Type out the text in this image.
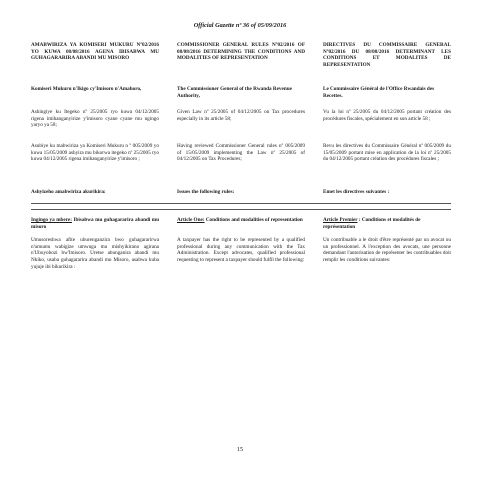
Official Gazette nº 36 of 05/09/2016

AMABWIRIZA YA KOMISERI MUKURU Nº02/2016 YO KUWA 08/08/2016 AGENA IBISABWA MU GUHAGARARIRA ABANDI MU MISORO

Komiseri Mukuru n'Ikigo cy'Imisoro n'Amahoro,

Ashingiye ku Itegeko nº 25/2005 ryo kuwa 04/12/2005 rigena imihanganyirize y'imisoro cyane cyane mu ngingo yaryo ya 58;

Asubiye ku mabwiriza ya Komiseri Mukuru n º 005/2009 yo kuwa 15/05/2009 ashyira mu bikorwa itegeko nº 25/2005 ryo kuwa 04/12/2005 rigena imihanganyirize y'imisoro ;

Ashyizeho amabwiriza akurikira:

Ingingo ya mbere: Ibisabwa mu guhagararira abandi mu misoro

Umusoreshwa afite uburenganzira bwo guhagararirwa n'umuntu wabigize umwuga mu mishyikirano agirana n'Ubuyobozi bw'Imisoro. Uretse abunganira abandi mu Nkiko, usaba guhagararira abandi mu Misoro, asabwa kuba yujuje ibi bikurikira :

COMMISSIONER GENERAL RULES Nº02/2016 OF 08/08/2016 DETERMINING THE CONDITIONS AND MODALITIES OF REPRESENTATION

The Commissioner General of the Rwanda Revenue Authority,

Given Law nº 25/2005 of 04/12/2005 on Tax procedures especially in its article 58;

Having reviewed Commissioner General rules nº 005/2009 of 15/05/2009 implementing the Law nº 25/2005 of 04/12/2005 on Tax Procedures;

Issues the following rules:

Article One: Conditions and modalities of representation

A taxpayer has the right to be represented by a qualified professional during any communication with the Tax Administration. Except advocates, qualified professional requesting to represent a taxpayer should fulfil the following:

DIRECTIVES DU COMMISSAIRE GENERAL Nº02/2016 DU 08/08/2016 DETERMINANT LES CONDITIONS ET MODALITES DE REPRESENTATION

Le Commissaire Général de l'Office Rwandais des Recettes.

Vu la loi nº 25/2005 du 04/12/2005 portant création des procédures fiscales, spécialement en son article 58 ;

Revu les directives du Commissaire Général nº 005/2009 du 15/05/2009 portant mise en application de la loi nº 25/2005 du 04/12/2005 portant création des procédures fiscales ;

Emet les directives suivantes :

Article Premier : Conditions et modalités de représentation

Un contribuable a le droit d'être représenté par un avocat ou un professionnel. A l'exception des avocats, une personne demandant l'autorisation de représenter les contribuables doit remplir les conditions suivantes:

15
